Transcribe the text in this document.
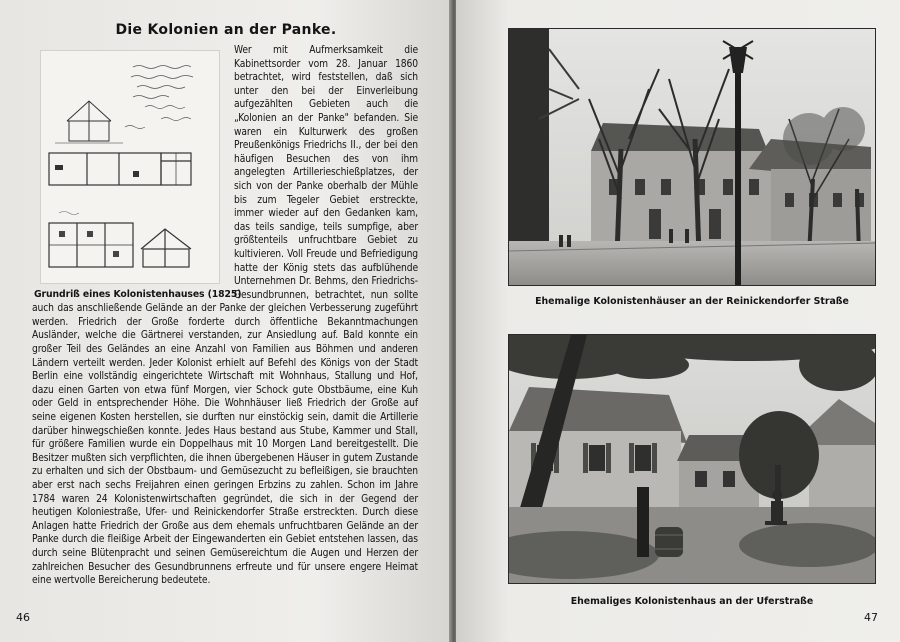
Die Kolonien an der Panke.
Grundriß eines Kolonistenhauses (1825)

Wer mit Aufmerksamkeit die Kabinettsorder vom 28. Januar 1860 betrachtet, wird feststellen, daß sich unter den bei der Einverleibung aufgezählten Gebieten auch die „Kolonien an der Panke" befanden. Sie waren ein Kulturwerk des großen Preußenkönigs Friedrichs II., der bei den häufigen Besuchen des von ihm angelegten Artillerieschießplatzes, der sich von der Panke oberhalb der Mühle bis zum Tegeler Gebiet erstreckte, immer wieder auf den Gedanken kam, das teils sandige, teils sumpfige, aber größtenteils unfruchtbare Gebiet zu kultivieren. Voll Freude und Befriedigung hatte der König stets das aufblühende Unternehmen Dr. Behms, den Friedrichs-Gesundbrunnen, betrachtet, nun sollte auch das anschließende Gelände an der Panke der gleichen Verbesserung zugeführt werden. Friedrich der Große forderte durch öffentliche Bekanntmachungen Ausländer, welche die Gärtnerei verstanden, zur Ansiedlung auf. Bald konnte ein großer Teil des Geländes an eine Anzahl von Familien aus Böhmen und anderen Ländern verteilt werden. Jeder Kolonist erhielt auf Befehl des Königs von der Stadt Berlin eine vollständig eingerichtete Wirtschaft mit Wohnhaus, Stallung und Hof, dazu einen Garten von etwa fünf Morgen, vier Schock gute Obstbäume, eine Kuh oder Geld in entsprechender Höhe. Die Wohnhäuser ließ Friedrich der Große auf seine eigenen Kosten herstellen, sie durften nur einstöckig sein, damit die Artillerie darüber hinwegschießen konnte. Jedes Haus bestand aus Stube, Kammer und Stall, für größere Familien wurde ein Doppelhaus mit 10 Morgen Land bereitgestellt. Die Besitzer mußten sich verpflichten, die ihnen übergebenen Häuser in gutem Zustande zu erhalten und sich der Obstbaum- und Gemüsezucht zu befleißigen, sie brauchten aber erst nach sechs Freijahren einen geringen Erbzins zu zahlen. Schon im Jahre 1784 waren 24 Kolonistenwirtschaften gegründet, die sich in der Gegend der heutigen Koloniestraße, Ufer- und Reinickendorfer Straße erstreckten. Durch diese Anlagen hatte Friedrich der Große aus dem ehemals unfruchtbaren Gelände an der Panke durch die fleißige Arbeit der Eingewanderten ein Gebiet entstehen lassen, das durch seine Blütenpracht und seinen Gemüsereichtum die Augen und Herzen der zahlreichen Besucher des Gesundbrunnens erfreute und für unsere engere Heimat eine wertvolle Bereicherung bedeutete.

46
Ehemalige Kolonistenhäuser an der Reinickendorfer Straße
Ehemaliges Kolonistenhaus an der Uferstraße
47
